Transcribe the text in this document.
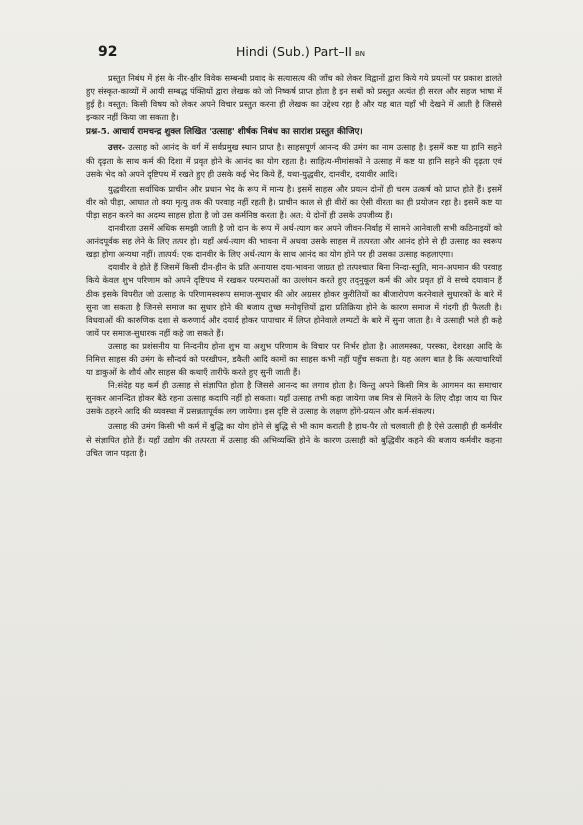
92	Hindi (Sub.) Part–II BN

प्रस्तुत निबंध में हंस के नीर-क्षीर विवेक सम्बन्धी प्रवाद के सत्यासत्य की जाँच को लेकर विद्वानों द्वारा किये गये प्रयत्नों पर प्रकाश डालते हुए संस्कृत-काव्यों में आयी सम्बद्ध पंक्तियों द्वारा लेखक को जो निष्कर्ष प्राप्त होता है इन सबों को प्रस्तुत अत्यंत ही सरल और सहज भाषा में हुई है। वस्तुत: किसी विषय को लेकर अपने विचार प्रस्तुत करना ही लेखक का उद्देश्य रहा है और यह बात यहाँ भी देखने में आती है जिससे इन्कार नहीं किया जा सकता है।

प्रश्न-5. आचार्य रामचन्द्र शुक्ल लिखित 'उत्साह' शीर्षक निबंध का सारांश प्रस्तुत कीजिए।

उत्तर- उत्साह को आनंद के वर्ग में सर्वप्रमुख स्थान प्राप्त है। साहसपूर्ण आनन्द की उमंग का नाम उत्साह है। इसमें कष्ट या हानि सहने की दृढ़ता के साथ कर्म की दिशा में प्रवृत होने के आनंद का योग रहता है। साहित्य-मीमांसकों ने उत्साह में कष्ट या हानि सहने की दृढ़ता एवं उसके भेद को अपने दृष्टिपथ में रखते हुए ही उसके कई भेद किये हैं, यथा-युद्धवीर, दानवीर, दयावीर आदि।

युद्धवीरता सर्वाधिक प्राचीन और प्रधान भेद के रूप में मान्य है। इसमें साहस और प्रयत्न दोनों ही चरम उत्कर्ष को प्राप्त होते हैं। इसमें वीर को पीड़ा, आघात तो क्या मृत्यु तक की परवाह नहीं रहती है। प्राचीन काल से ही वीरों का ऐसी वीरता का ही प्रयोजन रहा है। इसमें कष्ट या पीड़ा सहन करने का अदम्य साहस होता है जो उस कर्मनिष्ठ करता है। अत: ये दोनों ही उसके उपजीव्य हैं।

दानवीरता उसमें अधिक समझी जाती है जो दान के रूप में अर्थ-त्याग कर अपने जीवन-निर्वाह में सामने आनेवाली सभी कठिनाइयों को आनंदपूर्वक सह लेने के लिए तत्पर हो। यहाँ अर्थ-त्याग की भावना में अथवा उसके साहस में तत्परता और आनंद होने से ही उत्साह का स्वरूप खड़ा होगा अन्यथा नहीं। तात्पर्य: एक दानवीर के लिए अर्थ-त्याग के साथ आनंद का योग होने पर ही उसका उत्साह कहलाएगा।

दयावीर वे होते हैं जिसमें किसी दीन-हीन के प्रति अनायास दया-भावना जाग्रत हो तत्पश्चात बिना निन्दा-स्तुति, मान-अपमान की परवाह किये केवल शुभ परिणाम को अपने दृष्टिपथ में रखकर परम्पराओं का उल्लंघन करते हुए तद्नुकूल कर्म की ओर प्रवृत हों वे सच्चे दयावान हैं ठीक इसके विपरीत जो उत्साह के परिणामस्वरूप समाज-सुधार की ओर अग्रसर होकर कुरीतियों का बीजारोपण करनेवाले सुधारकों के बारे में सुना जा सकता है जिनसे समाज का सुधार होने की बजाय तुच्छ मनोवृत्तियों द्वारा प्रतिक्रिया होने के कारण समाज में गंदगी ही फैलती है। विधवाओं की कारुणिक दशा से करुणार्द और दयार्द होकर पापाचार में लिप्त होनेवाले लम्पटों के बारे में सुना जाता है। वे उत्साही भले ही कहे जायें पर समाज-सुधारक नहीं कहे जा सकते हैं।

उत्साह का प्रशंसनीय या निन्दनीय होना शुभ या अशुभ परिणाम के विचार पर निर्भर होता है। आलमस्का, परस्का, देशरक्षा आदि के निमित्त साहस की उमंग के सौन्दर्य को परखीपन, डकैती आदि कामों का साहस कभी नहीं पहुँच सकता है। यह अलग बात है कि अत्याचारियों या डाकुओं के शौर्य और साहस की कथाएँ तारीफें करते हुए सुनी जाती हैं।

नि:संदेह यह कर्म ही उत्साह से संज्ञापित होता है जिससे आनन्द का लगाव होता है। किन्तु अपने किसी मित्र के आगमन का समाचार सुनकर आनन्दित होकर बैठे रहना उत्साह कदापि नहीं हो सकता। यहाँ उत्साह तभी कहा जायेगा जब मित्र से मिलने के लिए दौड़ा जाय या फिर उसके ठहरने आदि की व्यवस्था में प्रसन्नतापूर्वक लग जायेगा। इस दृष्टि से उत्साह के लक्षण होंगे-प्रयत्न और कर्म-संकल्प।

उत्साह की उमंग किसी भी कर्म में बुद्धि का योग होने से बुद्धि से भी काम कराती है हाथ-पैर तो चलवाती ही है ऐसे उत्साही ही कर्मवीर से संज्ञापित होते हैं। यहाँ उद्योग की तत्परता में उत्साह की अभिव्यक्ति होने के कारण उत्साही को बुद्धिवीर कहने की बजाय कर्मवीर कहना उचित जान पड़ता है।
